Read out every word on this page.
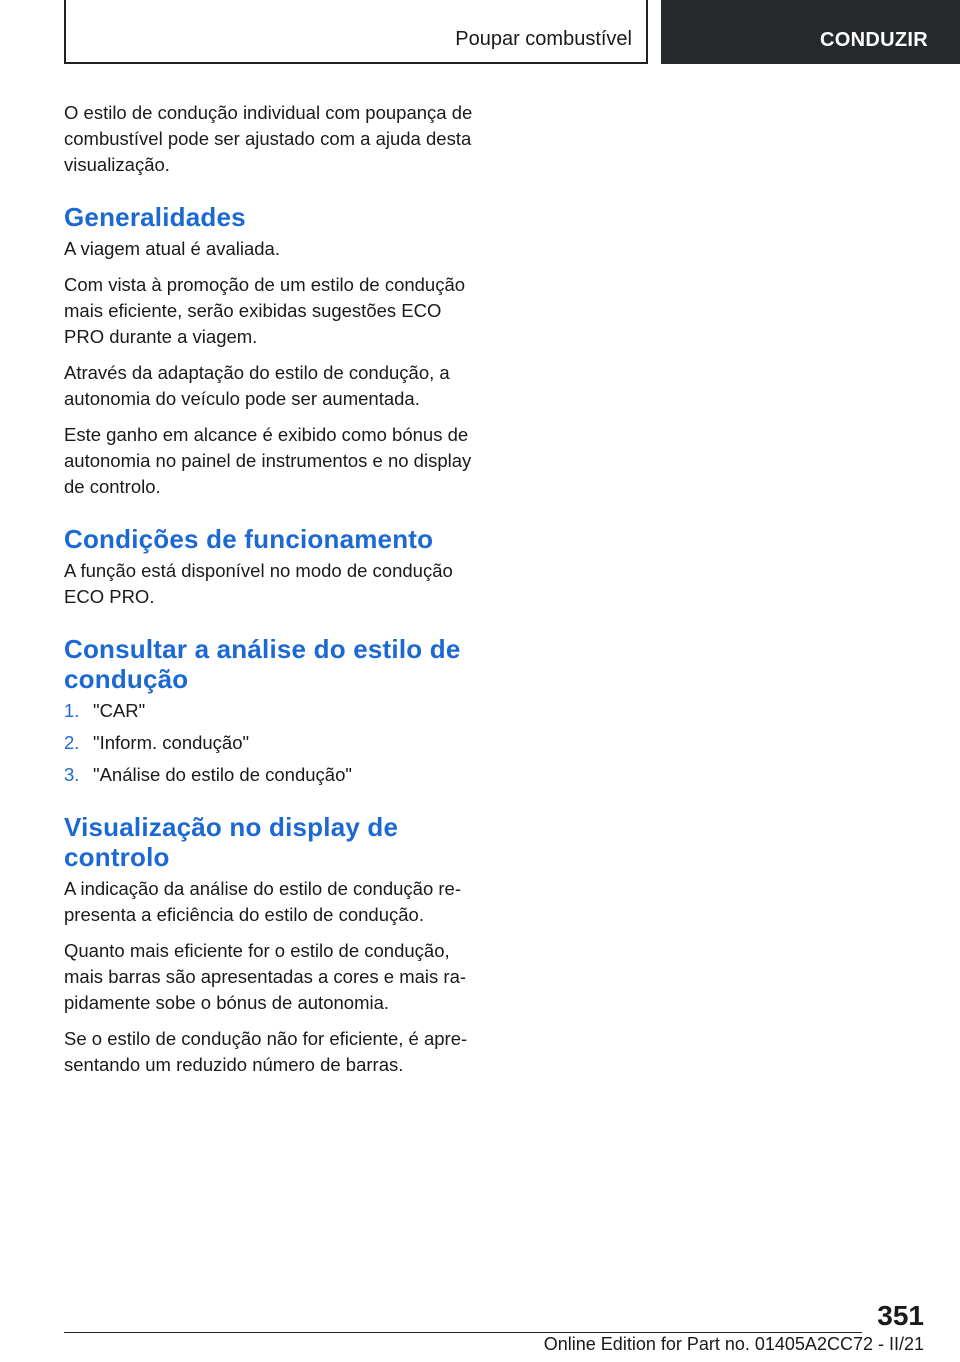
Poupar combustível	CONDUZIR

O estilo de condução individual com poupança de combustível pode ser ajustado com a ajuda desta visualização.

Generalidades

A viagem atual é avaliada.

Com vista à promoção de um estilo de condução mais eficiente, serão exibidas sugestões ECO PRO durante a viagem.

Através da adaptação do estilo de condução, a autonomia do veículo pode ser aumentada.

Este ganho em alcance é exibido como bónus de autonomia no painel de instrumentos e no display de controlo.

Condições de funcionamento

A função está disponível no modo de condução ECO PRO.

Consultar a análise do estilo de condução
1. "CAR"
2. "Inform. condução"
3. "Análise do estilo de condução"
Visualização no display de controlo

A indicação da análise do estilo de condução representa a eficiência do estilo de condução.

Quanto mais eficiente for o estilo de condução, mais barras são apresentadas a cores e mais rapidamente sobe o bónus de autonomia.

Se o estilo de condução não for eficiente, é apresentando um reduzido número de barras.

351
Online Edition for Part no. 01405A2CC72 - II/21
